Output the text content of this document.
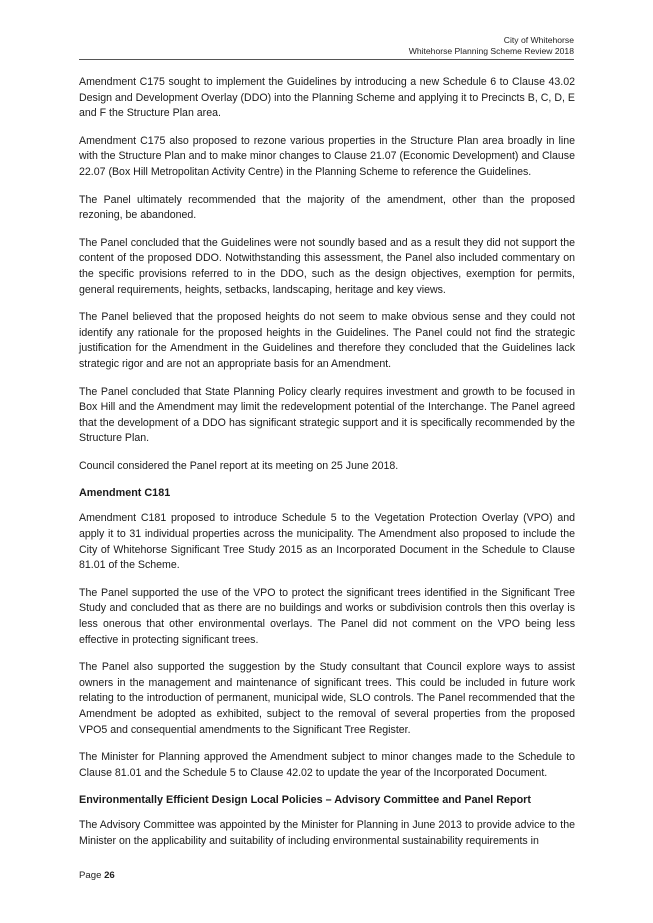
City of Whitehorse
Whitehorse Planning Scheme Review 2018

Amendment C175 sought to implement the Guidelines by introducing a new Schedule 6 to Clause 43.02 Design and Development Overlay (DDO) into the Planning Scheme and applying it to Precincts B, C, D, E and F the Structure Plan area.

Amendment C175 also proposed to rezone various properties in the Structure Plan area broadly in line with the Structure Plan and to make minor changes to Clause 21.07 (Economic Development) and Clause 22.07 (Box Hill Metropolitan Activity Centre) in the Planning Scheme to reference the Guidelines.

The Panel ultimately recommended that the majority of the amendment, other than the proposed rezoning, be abandoned.

The Panel concluded that the Guidelines were not soundly based and as a result they did not support the content of the proposed DDO. Notwithstanding this assessment, the Panel also included commentary on the specific provisions referred to in the DDO, such as the design objectives, exemption for permits, general requirements, heights, setbacks, landscaping, heritage and key views.

The Panel believed that the proposed heights do not seem to make obvious sense and they could not identify any rationale for the proposed heights in the Guidelines. The Panel could not find the strategic justification for the Amendment in the Guidelines and therefore they concluded that the Guidelines lack strategic rigor and are not an appropriate basis for an Amendment.

The Panel concluded that State Planning Policy clearly requires investment and growth to be focused in Box Hill and the Amendment may limit the redevelopment potential of the Interchange. The Panel agreed that the development of a DDO has significant strategic support and it is specifically recommended by the Structure Plan.

Council considered the Panel report at its meeting on 25 June 2018.

Amendment C181

Amendment C181 proposed to introduce Schedule 5 to the Vegetation Protection Overlay (VPO) and apply it to 31 individual properties across the municipality. The Amendment also proposed to include the City of Whitehorse Significant Tree Study 2015 as an Incorporated Document in the Schedule to Clause 81.01 of the Scheme.

The Panel supported the use of the VPO to protect the significant trees identified in the Significant Tree Study and concluded that as there are no buildings and works or subdivision controls then this overlay is less onerous that other environmental overlays. The Panel did not comment on the VPO being less effective in protecting significant trees.

The Panel also supported the suggestion by the Study consultant that Council explore ways to assist owners in the management and maintenance of significant trees. This could be included in future work relating to the introduction of permanent, municipal wide, SLO controls. The Panel recommended that the Amendment be adopted as exhibited, subject to the removal of several properties from the proposed VPO5 and consequential amendments to the Significant Tree Register.

The Minister for Planning approved the Amendment subject to minor changes made to the Schedule to Clause 81.01 and the Schedule 5 to Clause 42.02 to update the year of the Incorporated Document.

Environmentally Efficient Design Local Policies – Advisory Committee and Panel Report

The Advisory Committee was appointed by the Minister for Planning in June 2013 to provide advice to the Minister on the applicability and suitability of including environmental sustainability requirements in

Page 26
